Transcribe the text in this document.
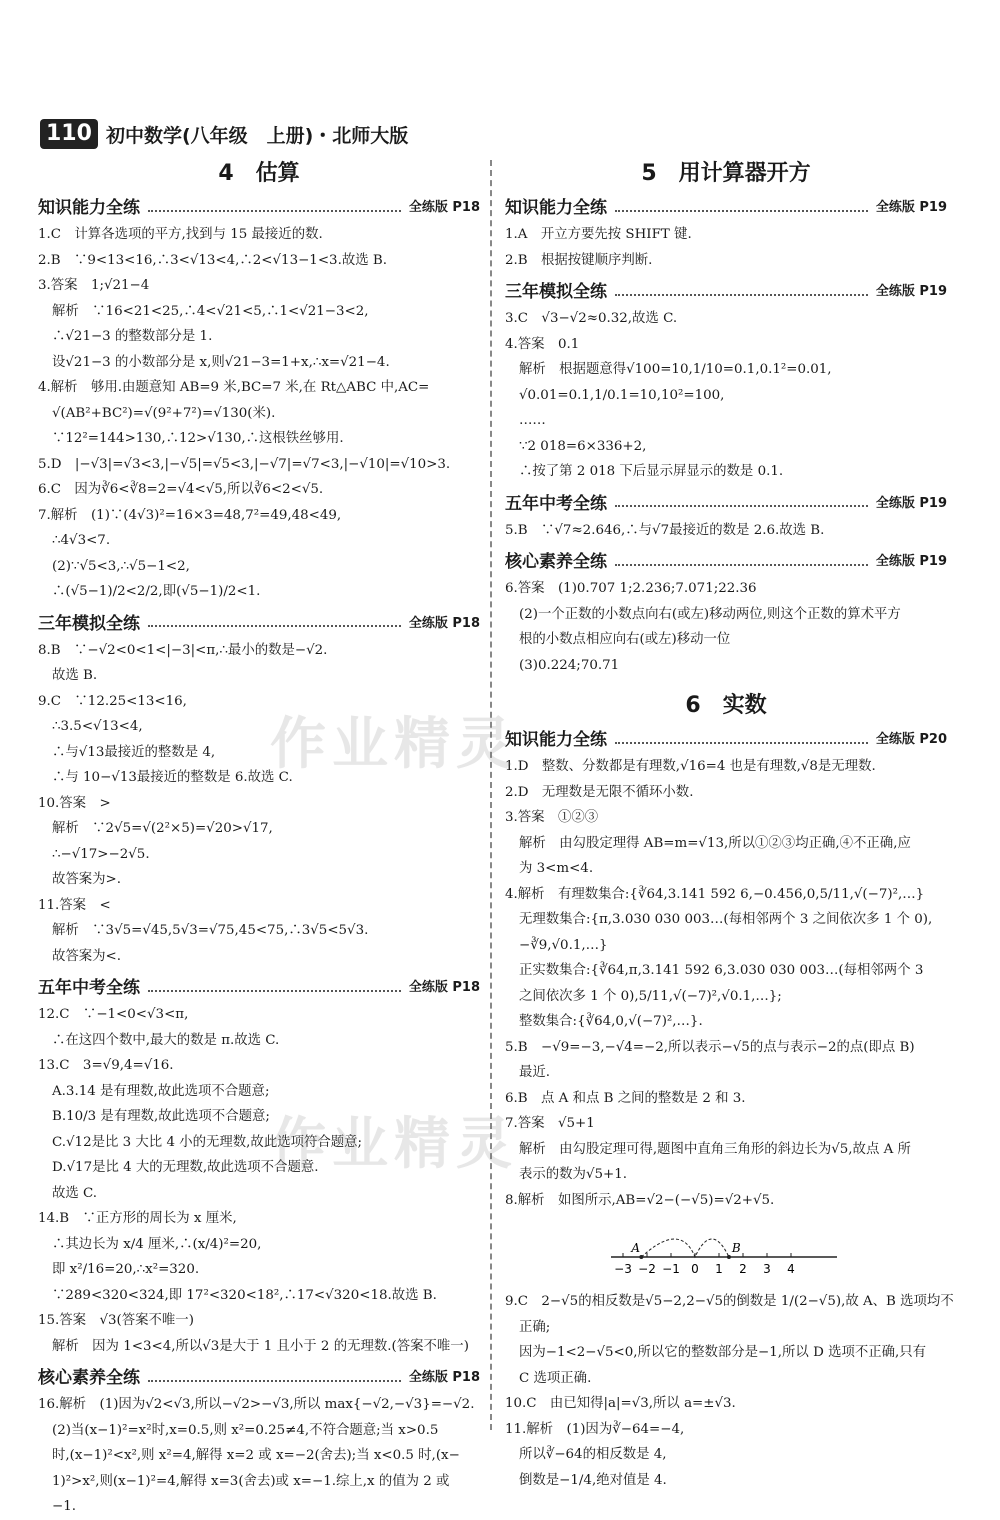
110 初中数学(八年级　上册)・北师大版
4　估算
知识能力全练	全练版 P18
1.C　计算各选项的平方,找到与 15 最接近的数.
2.B　∵9<13<16,∴3<√13<4,∴2<√13−1<3.故选 B.
3.答案　1;√21−4
解析　∵16<21<25,∴4<√21<5,∴1<√21−3<2,
∴√21−3 的整数部分是 1.
设√21−3 的小数部分是 x,则√21−3=1+x,∴x=√21−4.
4.解析　够用.由题意知 AB=9 米,BC=7 米,在 Rt△ABC 中,AC=
√(AB²+BC²)=√(9²+7²)=√130(米).
∵12²=144>130,∴12>√130,∴这根铁丝够用.
5.D　|−√3|=√3<3,|−√5|=√5<3,|−√7|=√7<3,|−√10|=√10>3.
6.C　因为∛6<∛8=2=√4<√5,所以∛6<2<√5.
7.解析　(1)∵(4√3)²=16×3=48,7²=49,48<49,
∴4√3<7.
(2)∵√5<3,∴√5−1<2,
∴(√5−1)/2<2/2,即(√5−1)/2<1.
三年模拟全练	全练版 P18
8.B　∵−√2<0<1<|−3|<π,∴最小的数是−√2.
故选 B.
9.C　∵12.25<13<16,
∴3.5<√13<4,
∴与√13最接近的整数是 4,
∴与 10−√13最接近的整数是 6.故选 C.
10.答案　>
解析　∵2√5=√(2²×5)=√20>√17,
∴−√17>−2√5.
故答案为>.
11.答案　<
解析　∵3√5=√45,5√3=√75,45<75,∴3√5<5√3.
故答案为<.
五年中考全练	全练版 P18
12.C　∵−1<0<√3<π,
∴在这四个数中,最大的数是 π.故选 C.
13.C　3=√9,4=√16.
A.3.14 是有理数,故此选项不合题意;
B.10/3 是有理数,故此选项不合题意;
C.√12是比 3 大比 4 小的无理数,故此选项符合题意;
D.√17是比 4 大的无理数,故此选项不合题意.
故选 C.
14.B　∵正方形的周长为 x 厘米,
∴其边长为 x/4 厘米,∴(x/4)²=20,
即 x²/16=20,∴x²=320.
∵289<320<324,即 17²<320<18²,∴17<√320<18.故选 B.
15.答案　√3(答案不唯一)
解析　因为 1<3<4,所以√3是大于 1 且小于 2 的无理数.(答案不唯一)
核心素养全练	全练版 P18
16.解析　(1)因为√2<√3,所以−√2>−√3,所以 max{−√2,−√3}=−√2.
(2)当(x−1)²=x²时,x=0.5,则 x²=0.25≠4,不符合题意;当 x>0.5
时,(x−1)²<x²,则 x²=4,解得 x=2 或 x=−2(舍去);当 x<0.5 时,(x−
1)²>x²,则(x−1)²=4,解得 x=3(舍去)或 x=−1.综上,x 的值为 2 或
−1.
5　用计算器开方
知识能力全练	全练版 P19
1.A　开立方要先按 SHIFT 键.
2.B　根据按键顺序判断.
三年模拟全练	全练版 P19
3.C　√3−√2≈0.32,故选 C.
4.答案　0.1
解析　根据题意得√100=10,1/10=0.1,0.1²=0.01,
√0.01=0.1,1/0.1=10,10²=100,
……
∵2 018=6×336+2,
∴按了第 2 018 下后显示屏显示的数是 0.1.
五年中考全练	全练版 P19
5.B　∵√7≈2.646,∴与√7最接近的数是 2.6.故选 B.
核心素养全练	全练版 P19
6.答案　(1)0.707 1;2.236;7.071;22.36
(2)一个正数的小数点向右(或左)移动两位,则这个正数的算术平方
根的小数点相应向右(或左)移动一位
(3)0.224;70.71
6　实数
知识能力全练	全练版 P20
1.D　整数、分数都是有理数,√16=4 也是有理数,√8是无理数.
2.D　无理数是无限不循环小数.
3.答案　①②③
解析　由勾股定理得 AB=m=√13,所以①②③均正确,④不正确,应
为 3<m<4.
4.解析　有理数集合:{∛64,3.141 592 6,−0.456,0,5/11,√(−7)²,…}
无理数集合:{π,3.030 030 003…(每相邻两个 3 之间依次多 1 个 0),
−∛9,√0.1,…}
正实数集合:{∛64,π,3.141 592 6,3.030 030 003…(每相邻两个 3
之间依次多 1 个 0),5/11,√(−7)²,√0.1,…};
整数集合:{∛64,0,√(−7)²,…}.
5.B　−√9=−3,−√4=−2,所以表示−√5的点与表示−2的点(即点 B)
最近.
6.B　点 A 和点 B 之间的整数是 2 和 3.
7.答案　√5+1
解析　由勾股定理可得,题图中直角三角形的斜边长为√5,故点 A 所
表示的数为√5+1.
8.解析　如图所示,AB=√2−(−√5)=√2+√5.
−3 −2 −1 0 1 2 3 4
A	B
9.C　2−√5的相反数是√5−2,2−√5的倒数是 1/(2−√5),故 A、B 选项均不
正确;
因为−1<2−√5<0,所以它的整数部分是−1,所以 D 选项不正确,只有
C 选项正确.
10.C　由已知得|a|=√3,所以 a=±√3.
11.解析　(1)因为∛−64=−4,
所以∛−64的相反数是 4,
倒数是−1/4,绝对值是 4.
作业精灵
作业精灵
